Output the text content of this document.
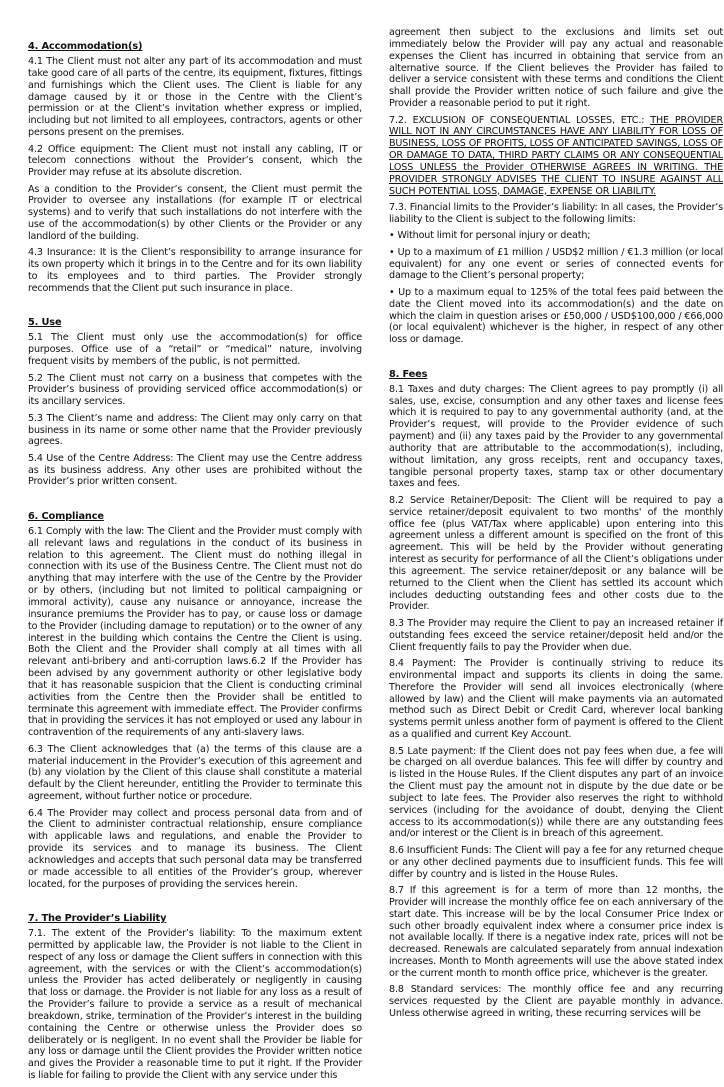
4. Accommodation(s)

4.1 The Client must not alter any part of its accommodation and must take good care of all parts of the centre, its equipment, fixtures, fittings and furnishings which the Client uses. The Client is liable for any damage caused by it or those in the Centre with the Client’s permission or at the Client’s invitation whether express or implied, including but not limited to all employees, contractors, agents or other persons present on the premises.

4.2 Office equipment: The Client must not install any cabling, IT or telecom connections without the Provider’s consent, which the Provider may refuse at its absolute discretion.

As a condition to the Provider’s consent, the Client must permit the Provider to oversee any installations (for example IT or electrical systems) and to verify that such installations do not interfere with the use of the accommodation(s) by other Clients or the Provider or any landlord of the building.

4.3 Insurance: It is the Client’s responsibility to arrange insurance for its own property which it brings in to the Centre and for its own liability to its employees and to third parties. The Provider strongly recommends that the Client put such insurance in place.

5. Use

5.1 The Client must only use the accommodation(s) for office purposes. Office use of a “retail” or “medical” nature, involving frequent visits by members of the public, is not permitted.

5.2 The Client must not carry on a business that competes with the Provider’s business of providing serviced office accommodation(s) or its ancillary services.

5.3 The Client’s name and address: The Client may only carry on that business in its name or some other name that the Provider previously agrees.

5.4 Use of the Centre Address: The Client may use the Centre address as its business address. Any other uses are prohibited without the Provider’s prior written consent.

6. Compliance

6.1 Comply with the law: The Client and the Provider must comply with all relevant laws and regulations in the conduct of its business in relation to this agreement. The Client must do nothing illegal in connection with its use of the Business Centre. The Client must not do anything that may interfere with the use of the Centre by the Provider or by others, (including but not limited to political campaigning or immoral activity), cause any nuisance or annoyance, increase the insurance premiums the Provider has to pay, or cause loss or damage to the Provider (including damage to reputation) or to the owner of any interest in the building which contains the Centre the Client is using. Both the Client and the Provider shall comply at all times with all relevant anti-bribery and anti-corruption laws.6.2 If the Provider has been advised by any government authority or other legislative body that it has reasonable suspicion that the Client is conducting criminal activities from the Centre then the Provider shall be entitled to terminate this agreement with immediate effect. The Provider confirms that in providing the services it has not employed or used any labour in contravention of the requirements of any anti-slavery laws.

6.3 The Client acknowledges that (a) the terms of this clause are a material inducement in the Provider’s execution of this agreement and (b) any violation by the Client of this clause shall constitute a material default by the Client hereunder, entitling the Provider to terminate this agreement, without further notice or procedure.

6.4 The Provider may collect and process personal data from and of the Client to administer contractual relationship, ensure compliance with applicable laws and regulations, and enable the Provider to provide its services and to manage its business. The Client acknowledges and accepts that such personal data may be transferred or made accessible to all entities of the Provider’s group, wherever located, for the purposes of providing the services herein.

7. The Provider’s Liability

7.1. The extent of the Provider’s liability: To the maximum extent permitted by applicable law, the Provider is not liable to the Client in respect of any loss or damage the Client suffers in connection with this agreement, with the services or with the Client’s accommodation(s) unless the Provider has acted deliberately or negligently in causing that loss or damage. the Provider is not liable for any loss as a result of the Provider’s failure to provide a service as a result of mechanical breakdown, strike, termination of the Provider’s interest in the building containing the Centre or otherwise unless the Provider does so deliberately or is negligent. In no event shall the Provider be liable for any loss or damage until the Client provides the Provider written notice and gives the Provider a reasonable time to put it right. If the Provider is liable for failing to provide the Client with any service under this

agreement then subject to the exclusions and limits set out immediately below the Provider will pay any actual and reasonable expenses the Client has incurred in obtaining that service from an alternative source. If the Client believes the Provider has failed to deliver a service consistent with these terms and conditions the Client shall provide the Provider written notice of such failure and give the Provider a reasonable period to put it right.

7.2. EXCLUSION OF CONSEQUENTIAL LOSSES, ETC.: THE PROVIDER WILL NOT IN ANY CIRCUMSTANCES HAVE ANY LIABILITY FOR LOSS OF BUSINESS, LOSS OF PROFITS, LOSS OF ANTICIPATED SAVINGS, LOSS OF OR DAMAGE TO DATA, THIRD PARTY CLAIMS OR ANY CONSEQUENTIAL LOSS UNLESS the Provider OTHERWISE AGREES IN WRITING. THE PROVIDER STRONGLY ADVISES THE CLIENT TO INSURE AGAINST ALL SUCH POTENTIAL LOSS, DAMAGE, EXPENSE OR LIABILITY.

7.3. Financial limits to the Provider’s liability: In all cases, the Provider’s liability to the Client is subject to the following limits:

• Without limit for personal injury or death;

• Up to a maximum of £1 million / USD$2 million / €1.3 million (or local equivalent) for any one event or series of connected events for damage to the Client’s personal property;

• Up to a maximum equal to 125% of the total fees paid between the date the Client moved into its accommodation(s) and the date on which the claim in question arises or £50,000 / USD$100,000 / €66,000 (or local equivalent) whichever is the higher, in respect of any other loss or damage.

8. Fees

8.1 Taxes and duty charges: The Client agrees to pay promptly (i) all sales, use, excise, consumption and any other taxes and license fees which it is required to pay to any governmental authority (and, at the Provider’s request, will provide to the Provider evidence of such payment) and (ii) any taxes paid by the Provider to any governmental authority that are attributable to the accommodation(s), including, without limitation, any gross receipts, rent and occupancy taxes, tangible personal property taxes, stamp tax or other documentary taxes and fees.

8.2 Service Retainer/Deposit: The Client will be required to pay a service retainer/deposit equivalent to two months' of the monthly office fee (plus VAT/Tax where applicable) upon entering into this agreement unless a different amount is specified on the front of this agreement. This will be held by the Provider without generating interest as security for performance of all the Client’s obligations under this agreement. The service retainer/deposit or any balance will be returned to the Client when the Client has settled its account which includes deducting outstanding fees and other costs due to the Provider.

8.3 The Provider may require the Client to pay an increased retainer if outstanding fees exceed the service retainer/deposit held and/or the Client frequently fails to pay the Provider when due.

8.4 Payment: The Provider is continually striving to reduce its environmental impact and supports its clients in doing the same. Therefore the Provider will send all invoices electronically (where allowed by law) and the Client will make payments via an automated method such as Direct Debit or Credit Card, wherever local banking systems permit unless another form of payment is offered to the Client as a qualified and current Key Account.

8.5 Late payment: If the Client does not pay fees when due, a fee will be charged on all overdue balances. This fee will differ by country and is listed in the House Rules. If the Client disputes any part of an invoice the Client must pay the amount not in dispute by the due date or be subject to late fees. The Provider also reserves the right to withhold services (including for the avoidance of doubt, denying the Client access to its accommodation(s)) while there are any outstanding fees and/or interest or the Client is in breach of this agreement.

8.6 Insufficient Funds: The Client will pay a fee for any returned cheque or any other declined payments due to insufficient funds. This fee will differ by country and is listed in the House Rules.

8.7 If this agreement is for a term of more than 12 months, the Provider will increase the monthly office fee on each anniversary of the start date. This increase will be by the local Consumer Price Index or such other broadly equivalent index where a consumer price index is not available locally. If there is a negative index rate, prices will not be decreased. Renewals are calculated separately from annual indexation increases. Month to Month agreements will use the above stated index or the current month to month office price, whichever is the greater.

8.8 Standard services: The monthly office fee and any recurring services requested by the Client are payable monthly in advance. Unless otherwise agreed in writing, these recurring services will be
